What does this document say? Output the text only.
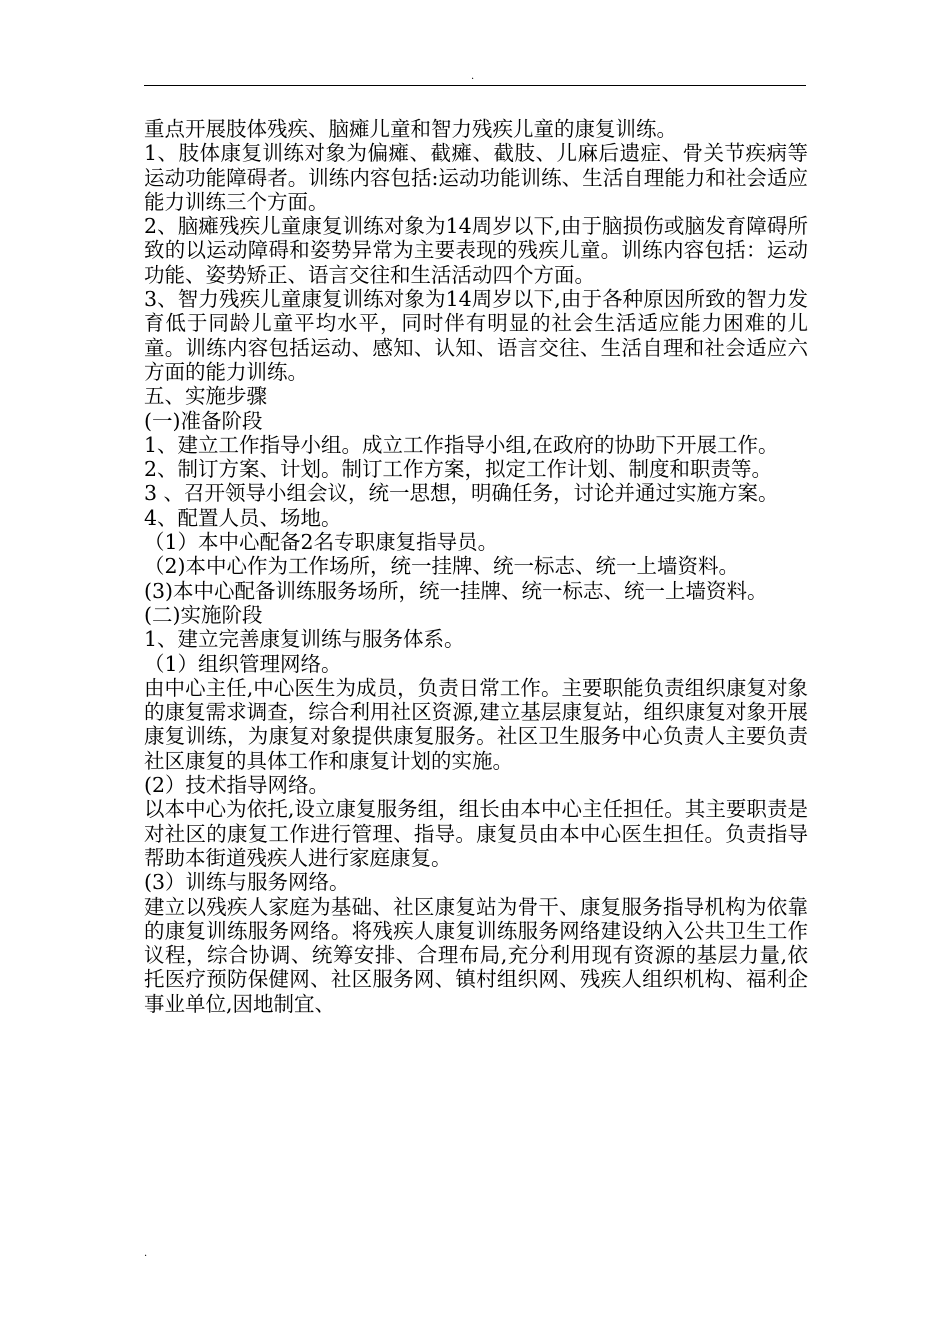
.

重点开展肢体残疾、脑瘫儿童和智力残疾儿童的康复训练。

1、肢体康复训练对象为偏瘫、截瘫、截肢、儿麻后遗症、骨关节疾病等运动功能障碍者。训练内容包括:运动功能训练、生活自理能力和社会适应能力训练三个方面。

2、脑瘫残疾儿童康复训练对象为14周岁以下,由于脑损伤或脑发育障碍所致的以运动障碍和姿势异常为主要表现的残疾儿童。训练内容包括：运动功能、姿势矫正、语言交往和生活活动四个方面。

3、智力残疾儿童康复训练对象为14周岁以下,由于各种原因所致的智力发育低于同龄儿童平均水平，同时伴有明显的社会生活适应能力困难的儿童。训练内容包括运动、感知、认知、语言交往、生活自理和社会适应六方面的能力训练。

五、实施步骤

(一)准备阶段

1、建立工作指导小组。成立工作指导小组,在政府的协助下开展工作。

2、制订方案、计划。制订工作方案，拟定工作计划、制度和职责等。

3 、召开领导小组会议，统一思想，明确任务，讨论并通过实施方案。

4、配置人员、场地。

（1）本中心配备2名专职康复指导员。

（2)本中心作为工作场所，统一挂牌、统一标志、统一上墙资料。

(3)本中心配备训练服务场所，统一挂牌、统一标志、统一上墙资料。

(二)实施阶段

1、建立完善康复训练与服务体系。

（1）组织管理网络。

由中心主任,中心医生为成员，负责日常工作。主要职能负责组织康复对象的康复需求调查，综合利用社区资源,建立基层康复站，组织康复对象开展康复训练，为康复对象提供康复服务。社区卫生服务中心负责人主要负责社区康复的具体工作和康复计划的实施。

(2）技术指导网络。

以本中心为依托,设立康复服务组，组长由本中心主任担任。其主要职责是对社区的康复工作进行管理、指导。康复员由本中心医生担任。负责指导帮助本街道残疾人进行家庭康复。

(3）训练与服务网络。

建立以残疾人家庭为基础、社区康复站为骨干、康复服务指导机构为依靠的康复训练服务网络。将残疾人康复训练服务网络建设纳入公共卫生工作议程，综合协调、统筹安排、合理布局,充分利用现有资源的基层力量,依托医疗预防保健网、社区服务网、镇村组织网、残疾人组织机构、福利企事业单位,因地制宜、

.
